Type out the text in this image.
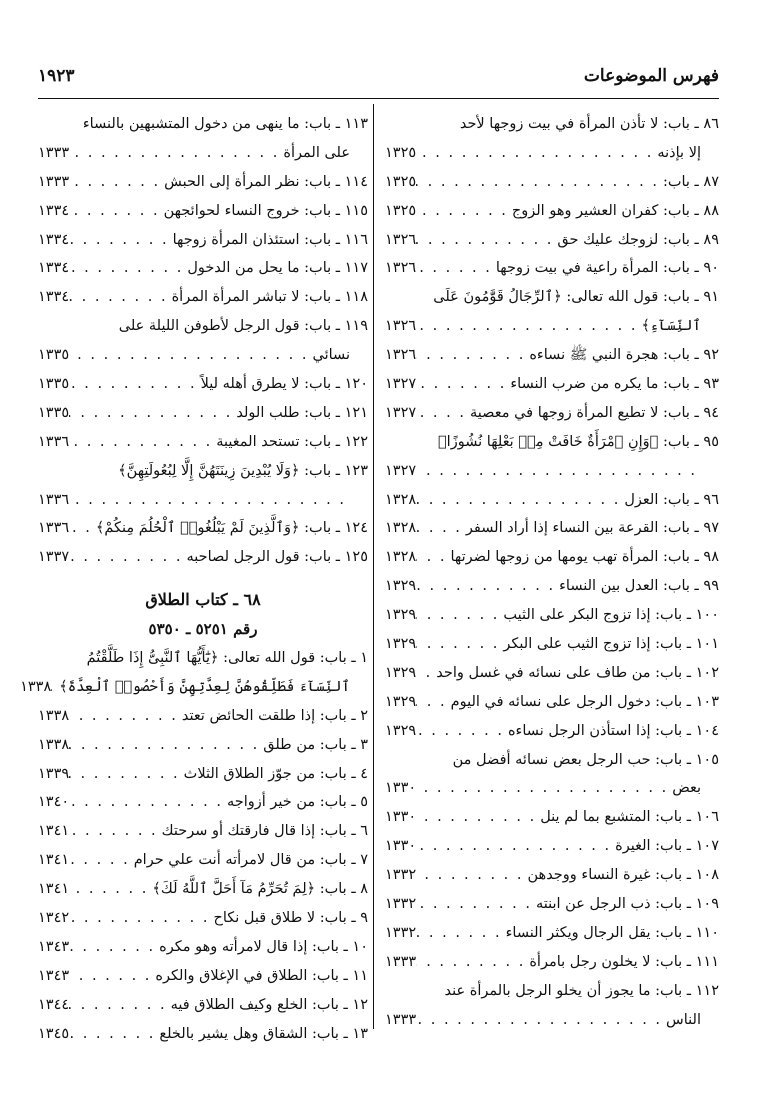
فهرس الموضوعات
١٩٢٣
٨٦ ـ باب: لا تأذن المرأة في بيت زوجها لأحد
إلا بإذنه
. . .
١٣٢٥
٨٧ ـ باب:
. . .
١٣٢٥
٨٨ ـ باب: كفران العشير وهو الزوج
. . .
١٣٢٥
٨٩ ـ باب: لزوجك عليك حق
. . .
١٣٢٦
٩٠ ـ باب: المرأة راعية في بيت زوجها
. . .
١٣٢٦
٩١ ـ باب: قول الله تعالى: ﴿ٱلرِّجَالُ قَوَّٰمُونَ عَلَى
ٱلنِّسَآءِ﴾
. . .
١٣٢٦
٩٢ ـ باب: هجرة النبي ﷺ نساءه
. . .
١٣٢٦
٩٣ ـ باب: ما يكره من ضرب النساء
. . .
١٣٢٧
٩٤ ـ باب: لا تطيع المرأة زوجها في معصية
. . .
١٣٢٧
٩٥ ـ باب: ﴿وَإِنِ ٱمْرَأَةٌ خَافَتْ مِنۢ بَعْلِهَا نُشُوزًا﴾
. . .
١٣٢٧
٩٦ ـ باب: العزل
. . .
١٣٢٨
٩٧ ـ باب: القرعة بين النساء إذا أراد السفر
. . .
١٣٢٨
٩٨ ـ باب: المرأة تهب يومها من زوجها لضرتها
. . .
١٣٢٨
٩٩ ـ باب: العدل بين النساء
. . .
١٣٢٩
١٠٠ ـ باب: إذا تزوج البكر على الثيب
. . .
١٣٢٩
١٠١ ـ باب: إذا تزوج الثيب على البكر
. . .
١٣٢٩
١٠٢ ـ باب: من طاف على نسائه في غسل واحد
. . .
١٣٢٩
١٠٣ ـ باب: دخول الرجل على نسائه في اليوم
. . .
١٣٢٩
١٠٤ ـ باب: إذا استأذن الرجل نساءه
. . .
١٣٢٩
١٠٥ ـ باب: حب الرجل بعض نسائه أفضل من
بعض
. . .
١٣٣٠
١٠٦ ـ باب: المتشبع بما لم ينل
. . .
١٣٣٠
١٠٧ ـ باب: الغيرة
. . .
١٣٣٠
١٠٨ ـ باب: غيرة النساء ووجدهن
. . .
١٣٣٢
١٠٩ ـ باب: ذب الرجل عن ابنته
. . .
١٣٣٢
١١٠ ـ باب: يقل الرجال ويكثر النساء
. . .
١٣٣٢
١١١ ـ باب: لا يخلون رجل بامرأة
. . .
١٣٣٣
١١٢ ـ باب: ما يجوز أن يخلو الرجل بالمرأة عند
الناس
. . .
١٣٣٣
١١٣ ـ باب: ما ينهى من دخول المتشبهين بالنساء
على المرأة
. . .
١٣٣٣
١١٤ ـ باب: نظر المرأة إلى الحبش
. . .
١٣٣٣
١١٥ ـ باب: خروج النساء لحوائجهن
. . .
١٣٣٤
١١٦ ـ باب: استئذان المرأة زوجها
. . .
١٣٣٤
١١٧ ـ باب: ما يحل من الدخول
. . .
١٣٣٤
١١٨ ـ باب: لا تباشر المرأة المرأة
. . .
١٣٣٤
١١٩ ـ باب: قول الرجل لأطوفن الليلة على
نسائي
. . .
١٣٣٥
١٢٠ ـ باب: لا يطرق أهله ليلاً
. . .
١٣٣٥
١٢١ ـ باب: طلب الولد
. . .
١٣٣٥
١٢٢ ـ باب: تستحد المغيبة
. . .
١٣٣٦
١٢٣ ـ باب: ﴿وَلَا يُبْدِينَ زِينَتَهُنَّ إِلَّا لِبُعُولَتِهِنَّ﴾
. . .
١٣٣٦
١٢٤ ـ باب: ﴿وَٱلَّذِينَ لَمْ يَبْلُغُوا۟ ٱلْحُلُمَ مِنكُمْ﴾
. . .
١٣٣٦
١٢٥ ـ باب: قول الرجل لصاحبه
. . .
١٣٣٧
٦٨ ـ كتاب الطلاق
رقم ٥٢٥١ ـ ٥٣٥٠
١ ـ باب: قول الله تعالى: ﴿يَٰٓأَيُّهَا ٱلنَّبِىُّ إِذَا طَلَّقْتُمُ
ٱلنِّسَآءَ فَطَلِّقُوهُنَّ لِعِدَّتِهِنَّ وَأَحْصُوا۟ ٱلْعِدَّةَ﴾
. . .
١٣٣٨
٢ ـ باب: إذا طلقت الحائض تعتد
. . .
١٣٣٨
٣ ـ باب: من طلق
. . .
١٣٣٨
٤ ـ باب: من جوّز الطلاق الثلاث
. . .
١٣٣٩
٥ ـ باب: من خير أزواجه
. . .
١٣٤٠
٦ ـ باب: إذا قال فارقتك أو سرحتك
. . .
١٣٤١
٧ ـ باب: من قال لامرأته أنت علي حرام
. . .
١٣٤١
٨ ـ باب: ﴿لِمَ تُحَرِّمُ مَآ أَحَلَّ ٱللَّهُ لَكَ﴾
. . .
١٣٤١
٩ ـ باب: لا طلاق قبل نكاح
. . .
١٣٤٢
١٠ ـ باب: إذا قال لامرأته وهو مكره
. . .
١٣٤٣
١١ ـ باب: الطلاق في الإغلاق والكره
. . .
١٣٤٣
١٢ ـ باب: الخلع وكيف الطلاق فيه
. . .
١٣٤٤
١٣ ـ باب: الشقاق وهل يشير بالخلع
. . .
١٣٤٥
